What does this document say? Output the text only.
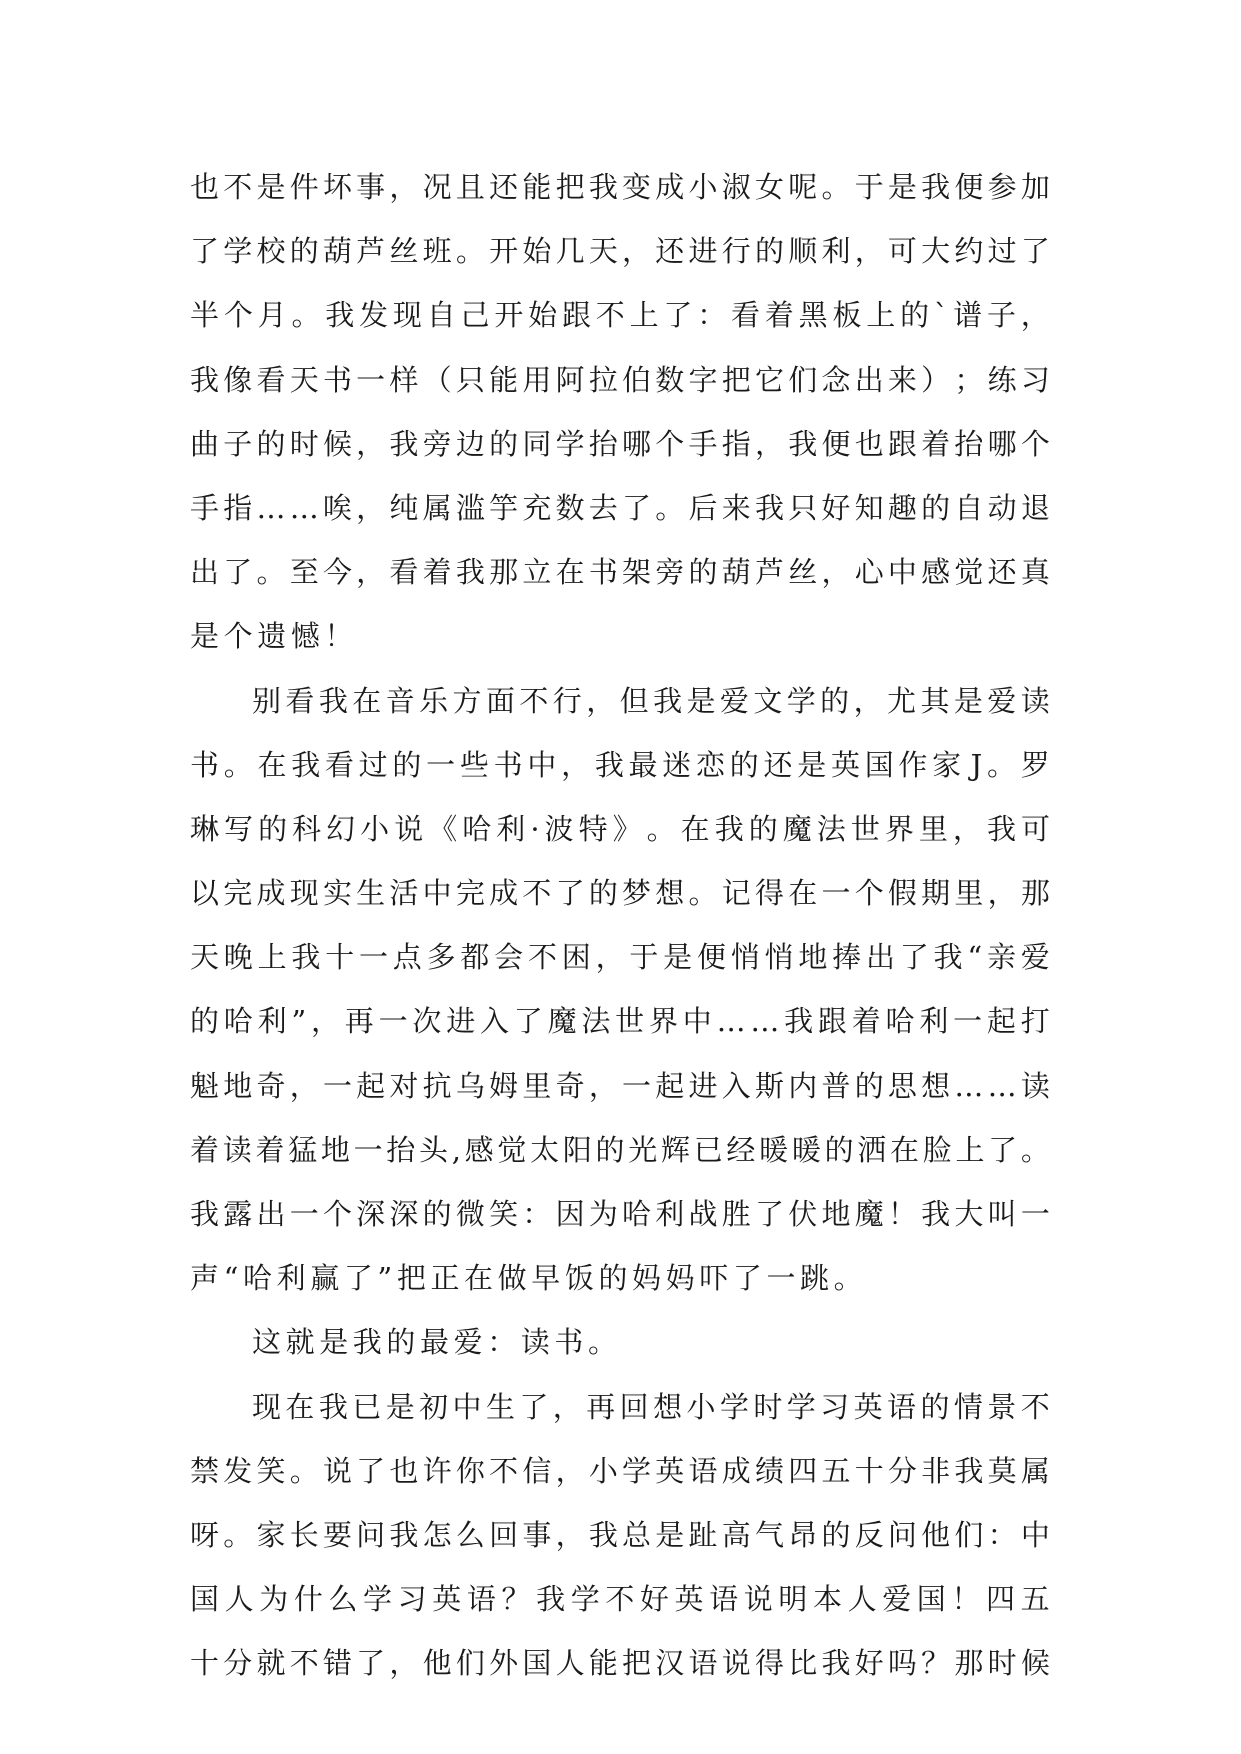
也 不 是 件 坏 事 ， 况 且 还 能 把 我 变 成 小 淑 女 呢 。 于 是 我 便 参 加
了 学 校 的 葫 芦 丝 班 。 开 始 几 天 ， 还 进 行 的 顺 利 ， 可 大 约 过 了
半 个 月 。 我 发 现 自 己 开 始 跟 不 上 了 ： 看 着 黑 板 上 的 ` 谱 子 ，
我 像 看 天 书 一 样 （ 只 能 用 阿 拉 伯 数 字 把 它 们 念 出 来 ） ； 练 习
曲 子 的 时 候 ， 我 旁 边 的 同 学 抬 哪 个 手 指 ， 我 便 也 跟 着 抬 哪 个
手 指 … … 唉 ， 纯 属 滥 竽 充 数 去 了 。 后 来 我 只 好 知 趣 的 自 动 退
出 了 。 至 今 ， 看 着 我 那 立 在 书 架 旁 的 葫 芦 丝 ， 心 中 感 觉 还 真
是个遗憾！
别 看 我 在 音 乐 方 面 不 行 ， 但 我 是 爱 文 学 的 ， 尤 其 是 爱 读
书 。 在 我 看 过 的 一 些 书 中 ， 我 最 迷 恋 的 还 是 英 国 作 家 J 。 罗
琳 写 的 科 幻 小 说 《 哈 利 · 波 特 》 。 在 我 的 魔 法 世 界 里 ， 我 可
以 完 成 现 实 生 活 中 完 成 不 了 的 梦 想 。 记 得 在 一 个 假 期 里 ， 那
天 晚 上 我 十 一 点 多 都 会 不 困 ， 于 是 便 悄 悄 地 捧 出 了 我 “ 亲 爱
的 哈 利 ” ， 再 一 次 进 入 了 魔 法 世 界 中 … … 我 跟 着 哈 利 一 起 打
魁 地 奇 ， 一 起 对 抗 乌 姆 里 奇 ， 一 起 进 入 斯 内 普 的 思 想 … … 读
着 读 着 猛 地 一 抬 头 , 感 觉 太 阳 的 光 辉 已 经 暖 暖 的 洒 在 脸 上 了 。
我 露 出 一 个 深 深 的 微 笑 ： 因 为 哈 利 战 胜 了 伏 地 魔 ！ 我 大 叫 一
声“哈利赢了”把正在做早饭的妈妈吓了一跳。
这就是我的最爱：读书。
现 在 我 已 是 初 中 生 了 ， 再 回 想 小 学 时 学 习 英 语 的 情 景 不
禁 发 笑 。 说 了 也 许 你 不 信 ， 小 学 英 语 成 绩 四 五 十 分 非 我 莫 属
呀 。 家 长 要 问 我 怎 么 回 事 ， 我 总 是 趾 高 气 昂 的 反 问 他 们 ： 中
国 人 为 什 么 学 习 英 语 ？ 我 学 不 好 英 语 说 明 本 人 爱 国 ！ 四 五
十 分 就 不 错 了 ， 他 们 外 国 人 能 把 汉 语 说 得 比 我 好 吗 ？ 那 时 候
